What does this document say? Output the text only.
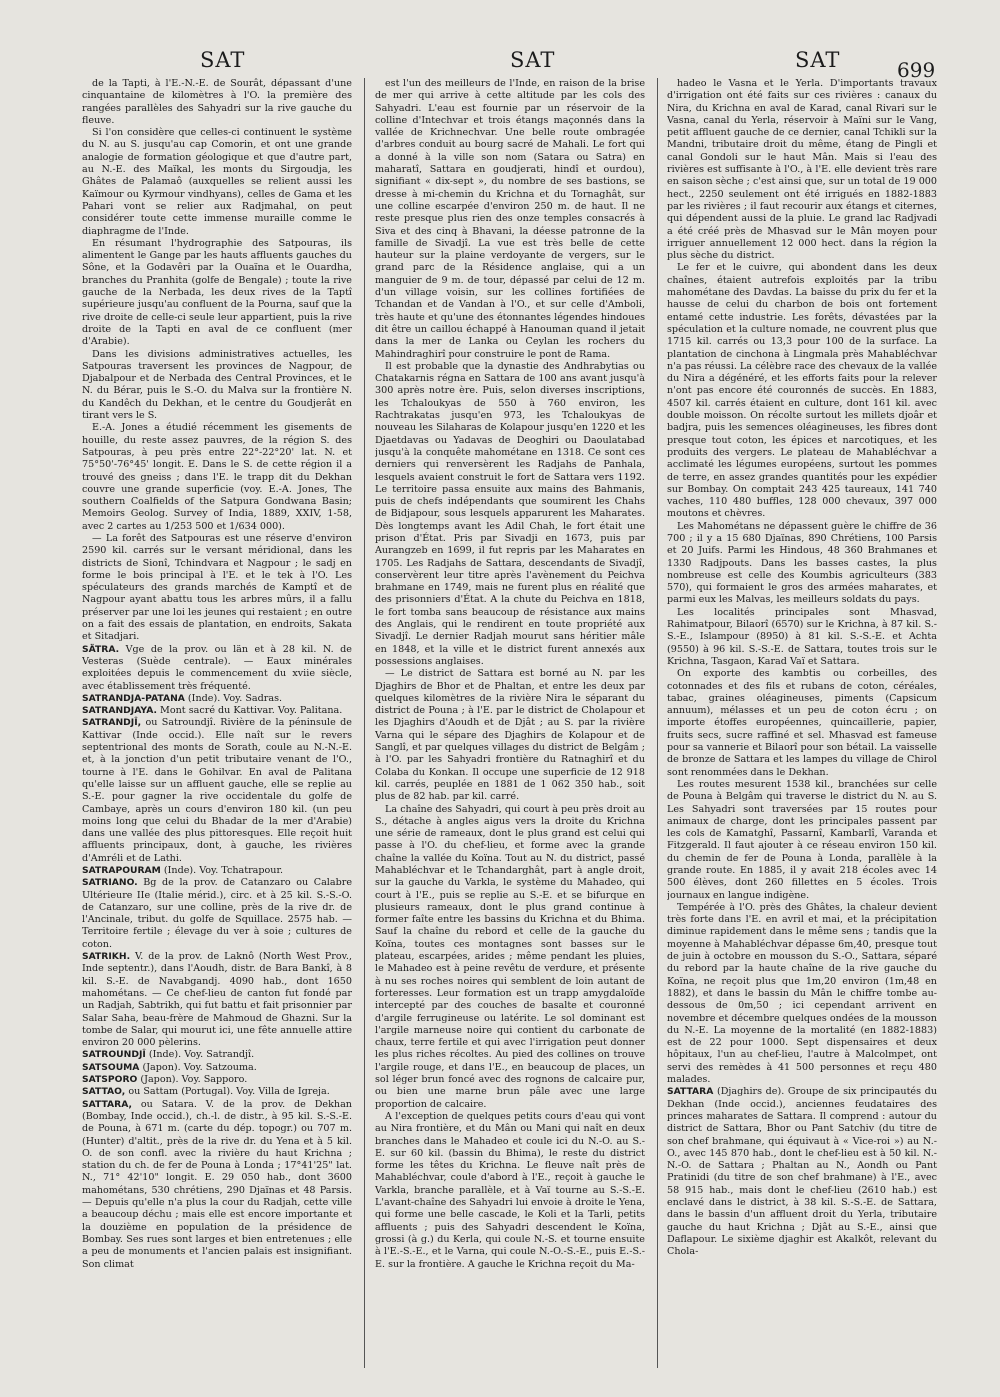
SAT	SAT	SAT	699

de la Tapti, à l'E.-N.-E. de Sourât, dépassant d'une cinquantaine de kilomètres à l'O. la première des rangées parallèles des Sahyadri sur la rive gauche du fleuve.

Si l'on considère que celles-ci continuent le système du N. au S. jusqu'au cap Comorin, et ont une grande analogie de formation géologique et que d'autre part, au N.-E. des Maïkal, les monts du Sirgoudja, les Ghâtes de Palamaô (auxquelles se relient aussi les Kaïmour ou Kyrmour vindhyans), celles de Gama et les Pahari vont se relier aux Radjmahal, on peut considérer toute cette immense muraille comme le diaphragme de l'Inde.

En résumant l'hydrographie des Satpouras, ils alimentent le Gange par les hauts affluents gauches du Sône, et la Godavêri par la Ouaïna et le Ouardha, branches du Pranhita (golfe de Bengale) ; toute la rive gauche de la Nerbada, les deux rives de la Taptî supérieure jusqu'au confluent de la Pourna, sauf que la rive droite de celle-ci seule leur appartient, puis la rive droite de la Tapti en aval de ce confluent (mer d'Arabie).

Dans les divisions administratives actuelles, les Satpouras traversent les provinces de Nagpour, de Djabalpour et de Nerbada des Central Provinces, et le N. du Bérar, puis le S.-O. du Malva sur la frontière N. du Kandêch du Dekhan, et le centre du Goudjerât en tirant vers le S.

E.-A. Jones a étudié récemment les gisements de houille, du reste assez pauvres, de la région S. des Satpouras, à peu près entre 22°-22°20' lat. N. et 75°50'-76°45' longit. E. Dans le S. de cette région il a trouvé des gneiss ; dans l'E. le trapp dit du Dekhan couvre une grande superficie (voy. E.-A. Jones, The southern Coalfields of the Satpura Gondwana Basin; Memoirs Geolog. Survey of India, 1889, XXIV, 1-58, avec 2 cartes au 1/253 500 et 1/634 000).

— La forêt des Satpouras est une réserve d'environ 2590 kil. carrés sur le versant méridional, dans les districts de Sionî, Tchindvara et Nagpour ; le sadj en forme le bois principal à l'E. et le tek à l'O. Les spéculateurs des grands marchés de Kamptî et de Nagpour ayant abattu tous les arbres mûrs, il a fallu préserver par une loi les jeunes qui restaient ; en outre on a fait des essais de plantation, en endroits, Sakata et Sitadjari.

SÄTRA. Vge de la prov. ou län et à 28 kil. N. de Vesteras (Suède centrale). — Eaux minérales exploitées depuis le commencement du xviie siècle, avec établissement très fréquenté.

SATRANDJA-PATANA (Inde). Voy. Sadras.

SATRANDJAYA. Mont sacré du Kattivar. Voy. Palitana.

SATRANDJÎ, ou Satroundjî. Rivière de la péninsule de Kattivar (Inde occid.). Elle naît sur le revers septentrional des monts de Sorath, coule au N.-N.-E. et, à la jonction d'un petit tributaire venant de l'O., tourne à l'E. dans le Gohilvar. En aval de Palitana qu'elle laisse sur un affluent gauche, elle se replie au S.-E. pour gagner la rive occidentale du golfe de Cambaye, après un cours d'environ 180 kil. (un peu moins long que celui du Bhadar de la mer d'Arabie) dans une vallée des plus pittoresques. Elle reçoit huit affluents principaux, dont, à gauche, les rivières d'Amréli et de Lathi.

SATRAPOURAM (Inde). Voy. Tchatrapour.

SATRIANO. Bg de la prov. de Catanzaro ou Calabre Ultérieure IIe (Italie mérid.), circ. et à 25 kil. S.-S.-O. de Catanzaro, sur une colline, près de la rive dr. de l'Ancinale, tribut. du golfe de Squillace. 2575 hab. — Territoire fertile ; élevage du ver à soie ; cultures de coton.

SATRIKH. V. de la prov. de Laknô (North West Prov., Inde septentr.), dans l'Aoudh, distr. de Bara Bankî, à 8 kil. S.-E. de Navabgandj. 4090 hab., dont 1650 mahométans. — Ce chef-lieu de canton fut fondé par un Radjah, Sabtrikh, qui fut battu et fait prisonnier par Salar Saha, beau-frère de Mahmoud de Ghazni. Sur la tombe de Salar, qui mourut ici, une fête annuelle attire environ 20 000 pèlerins.

SATROUNDJÎ (Inde). Voy. Satrandjî.

SATSOUMA (Japon). Voy. Satzouma.

SATSPORO (Japon). Voy. Sapporo.

SATTAO, ou Sattam (Portugal). Voy. Villa de Igreja.

SATTARA, ou Satara. V. de la prov. de Dekhan (Bombay, Inde occid.), ch.-l. de distr., à 95 kil. S.-S.-E. de Pouna, à 671 m. (carte du dép. topogr.) ou 707 m. (Hunter) d'altit., près de la rive dr. du Yena et à 5 kil. O. de son confl. avec la rivière du haut Krichna ; station du ch. de fer de Pouna à Londa ; 17°41'25" lat. N., 71° 42'10" longit. E. 29 050 hab., dont 3600 mahométans, 530 chrétiens, 290 Djaïnas et 48 Parsis. — Depuis qu'elle n'a plus la cour du Radjah, cette ville a beaucoup déchu ; mais elle est encore importante et la douzième en population de la présidence de Bombay. Ses rues sont larges et bien entretenues ; elle a peu de monuments et l'ancien palais est insignifiant. Son climat

est l'un des meilleurs de l'Inde, en raison de la brise de mer qui arrive à cette altitude par les cols des Sahyadri. L'eau est fournie par un réservoir de la colline d'Intechvar et trois étangs maçonnés dans la vallée de Krichnechvar. Une belle route ombragée d'arbres conduit au bourg sacré de Mahali. Le fort qui a donné à la ville son nom (Satara ou Satra) en maharatî, Sattara en goudjerati, hindî et ourdou), signifiant « dix-sept », du nombre de ses bastions, se dresse à mi-chemin du Krichna et du Tornaghât, sur une colline escarpée d'environ 250 m. de haut. Il ne reste presque plus rien des onze temples consacrés à Siva et des cinq à Bhavani, la déesse patronne de la famille de Sivadjî. La vue est très belle de cette hauteur sur la plaine verdoyante de vergers, sur le grand parc de la Résidence anglaise, qui a un manguier de 9 m. de tour, dépassé par celui de 12 m. d'un village voisin, sur les collines fortifiées de Tchandan et de Vandan à l'O., et sur celle d'Amboli, très haute et qu'une des étonnantes légendes hindoues dit être un caillou échappé à Hanouman quand il jetait dans la mer de Lanka ou Ceylan les rochers du Mahindraghirî pour construire le pont de Rama.

Il est probable que la dynastie des Andhrabytias ou Chatakarnis régna en Sattara de 100 ans avant jusqu'à 300 après notre ère. Puis, selon diverses inscriptions, les Tchaloukyas de 550 à 760 environ, les Rachtrakatas jusqu'en 973, les Tchaloukyas de nouveau les Silaharas de Kolapour jusqu'en 1220 et les Djaetdavas ou Yadavas de Deoghiri ou Daoulatabad jusqu'à la conquête mahométane en 1318. Ce sont ces derniers qui renversèrent les Radjahs de Panhala, lesquels avaient construit le fort de Sattara vers 1192. Le territoire passa ensuite aux mains des Bahmanis, puis de chefs indépendants que soumirent les Chahs de Bidjapour, sous lesquels apparurent les Maharates. Dès longtemps avant les Adil Chah, le fort était une prison d'État. Pris par Sivadji en 1673, puis par Aurangzeb en 1699, il fut repris par les Maharates en 1705. Les Radjahs de Sattara, descendants de Sivadjî, conservèrent leur titre après l'avènement du Peichva brahmane en 1749, mais ne furent plus en réalité que des prisonniers d'État. A la chute du Peichva en 1818, le fort tomba sans beaucoup de résistance aux mains des Anglais, qui le rendirent en toute propriété aux Sivadjî. Le dernier Radjah mourut sans héritier mâle en 1848, et la ville et le district furent annexés aux possessions anglaises.

— Le district de Sattara est borné au N. par les Djaghirs de Bhor et de Phaltan, et entre les deux par quelques kilomètres de la rivière Nira le séparant du district de Pouna ; à l'E. par le district de Cholapour et les Djaghirs d'Aoudh et de Djât ; au S. par la rivière Varna qui le sépare des Djaghirs de Kolapour et de Sanglî, et par quelques villages du district de Belgâm ; à l'O. par les Sahyadri frontière du Ratnaghirî et du Colaba du Konkan. Il occupe une superficie de 12 918 kil. carrés, peuplée en 1881 de 1 062 350 hab., soit plus de 82 hab. par kil. carré.

La chaîne des Sahyadri, qui court à peu près droit au S., détache à angles aigus vers la droite du Krichna une série de rameaux, dont le plus grand est celui qui passe à l'O. du chef-lieu, et forme avec la grande chaîne la vallée du Koïna. Tout au N. du district, passé Mahabléchvar et le Tchandarghât, part à angle droit, sur la gauche du Varkla, le système du Mahadeo, qui court à l'E., puis se replie au S.-E. et se bifurque en plusieurs rameaux, dont le plus grand continue à former faîte entre les bassins du Krichna et du Bhima. Sauf la chaîne du rebord et celle de la gauche du Koïna, toutes ces montagnes sont basses sur le plateau, escarpées, arides ; même pendant les pluies, le Mahadeo est à peine revêtu de verdure, et présente à nu ses roches noires qui semblent de loin autant de forteresses. Leur formation est un trapp amygdaloïde intercepté par des couches de basalte et couronné d'argile ferrugineuse ou latérite. Le sol dominant est l'argile marneuse noire qui contient du carbonate de chaux, terre fertile et qui avec l'irrigation peut donner les plus riches récoltes. Au pied des collines on trouve l'argile rouge, et dans l'E., en beaucoup de places, un sol léger brun foncé avec des rognons de calcaire pur, ou bien une marne brun pâle avec une large proportion de calcaire.

A l'exception de quelques petits cours d'eau qui vont au Nira frontière, et du Mân ou Mani qui naît en deux branches dans le Mahadeo et coule ici du N.-O. au S.-E. sur 60 kil. (bassin du Bhima), le reste du district forme les têtes du Krichna. Le fleuve naît près de Mahabléchvar, coule d'abord à l'E., reçoit à gauche le Varkla, branche parallèle, et à Vaï tourne au S.-S.-E. L'avant-chaîne des Sahyadri lui envoie à droite le Yena, qui forme une belle cascade, le Koli et la Tarli, petits affluents ; puis des Sahyadri descendent le Koïna, grossi (à g.) du Kerla, qui coule N.-S. et tourne ensuite à l'E.-S.-E., et le Varna, qui coule N.-O.-S.-E., puis E.-S.-E. sur la frontière. A gauche le Krichna reçoit du Ma-

hadeo le Vasna et le Yerla. D'importants travaux d'irrigation ont été faits sur ces rivières : canaux du Nira, du Krichna en aval de Karad, canal Rivari sur le Vasna, canal du Yerla, réservoir à Maïni sur le Vang, petit affluent gauche de ce dernier, canal Tchikli sur la Mandni, tributaire droit du même, étang de Pingli et canal Gondoli sur le haut Mân. Mais si l'eau des rivières est suffisante à l'O., à l'E. elle devient très rare en saison sèche ; c'est ainsi que, sur un total de 19 000 hect., 2250 seulement ont été irrigués en 1882-1883 par les rivières ; il faut recourir aux étangs et citernes, qui dépendent aussi de la pluie. Le grand lac Radjvadi a été créé près de Mhasvad sur le Mân moyen pour irriguer annuellement 12 000 hect. dans la région la plus sèche du district.

Le fer et le cuivre, qui abondent dans les deux chaînes, étaient autrefois exploités par la tribu mahométane des Davdas. La baisse du prix du fer et la hausse de celui du charbon de bois ont fortement entamé cette industrie. Les forêts, dévastées par la spéculation et la culture nomade, ne couvrent plus que 1715 kil. carrés ou 13,3 pour 100 de la surface. La plantation de cinchona à Lingmala près Mahabléchvar n'a pas réussi. La célèbre race des chevaux de la vallée du Nira a dégénéré, et les efforts faits pour la relever n'ont pas encore été couronnés de succès. En 1883, 4507 kil. carrés étaient en culture, dont 161 kil. avec double moisson. On récolte surtout les millets djoâr et badjra, puis les semences oléagineuses, les fibres dont presque tout coton, les épices et narcotiques, et les produits des vergers. Le plateau de Mahabléchvar a acclimaté les légumes européens, surtout les pommes de terre, en assez grandes quantités pour les expédier sur Bombay. On comptait 243 425 taureaux, 141 740 vaches, 110 480 buffles, 128 000 chevaux, 397 000 moutons et chèvres.

Les Mahométans ne dépassent guère le chiffre de 36 700 ; il y a 15 680 Djaïnas, 890 Chrétiens, 100 Parsis et 20 Juifs. Parmi les Hindous, 48 360 Brahmanes et 1330 Radjpouts. Dans les basses castes, la plus nombreuse est celle des Koumbis agriculteurs (383 570), qui formaient le gros des armées maharates, et parmi eux les Malvas, les meilleurs soldats du pays.

Les localités principales sont Mhasvad, Rahimatpour, Bilaorî (6570) sur le Krichna, à 87 kil. S.-S.-E., Islampour (8950) à 81 kil. S.-S.-E. et Achta (9550) à 96 kil. S.-S.-E. de Sattara, toutes trois sur le Krichna, Tasgaon, Karad Vaï et Sattara.

On exporte des kambtis ou corbeilles, des cotonnades et des fils et rubans de coton, céréales, tabac, graines oléagineuses, piments (Capsicum annuum), mélasses et un peu de coton écru ; on importe étoffes européennes, quincaillerie, papier, fruits secs, sucre raffiné et sel. Mhasvad est fameuse pour sa vannerie et Bilaorî pour son bétail. La vaisselle de bronze de Sattara et les lampes du village de Chirol sont renommées dans le Dekhan.

Les routes mesurent 1538 kil., branchées sur celle de Pouna à Belgâm qui traverse le district du N. au S. Les Sahyadri sont traversées par 15 routes pour animaux de charge, dont les principales passent par les cols de Kamatghî, Passarnî, Kambarlî, Varanda et Fitzgerald. Il faut ajouter à ce réseau environ 150 kil. du chemin de fer de Pouna à Londa, parallèle à la grande route. En 1885, il y avait 218 écoles avec 14 500 élèves, dont 260 fillettes en 5 écoles. Trois journaux en langue indigène.

Tempérée à l'O. près des Ghâtes, la chaleur devient très forte dans l'E. en avril et mai, et la précipitation diminue rapidement dans le même sens ; tandis que la moyenne à Mahabléchvar dépasse 6m,40, presque tout de juin à octobre en mousson du S.-O., Sattara, séparé du rebord par la haute chaîne de la rive gauche du Koïna, ne reçoit plus que 1m,20 environ (1m,48 en 1882), et dans le bassin du Mân le chiffre tombe au-dessous de 0m,50 ; ici cependant arrivent en novembre et décembre quelques ondées de la mousson du N.-E. La moyenne de la mortalité (en 1882-1883) est de 22 pour 1000. Sept dispensaires et deux hôpitaux, l'un au chef-lieu, l'autre à Malcolmpet, ont servi des remèdes à 41 500 personnes et reçu 480 malades.

SATTARA (Djaghirs de). Groupe de six principautés du Dekhan (Inde occid.), anciennes feudataires des princes maharates de Sattara. Il comprend : autour du district de Sattara, Bhor ou Pant Satchiv (du titre de son chef brahmane, qui équivaut à « Vice-roi ») au N.-O., avec 145 870 hab., dont le chef-lieu est à 50 kil. N.-N.-O. de Sattara ; Phaltan au N., Aondh ou Pant Pratinidi (du titre de son chef brahmane) à l'E., avec 58 915 hab., mais dont le chef-lieu (2610 hab.) est enclavé dans le district, à 38 kil. S.-S.-E. de Sattara, dans le bassin d'un affluent droit du Yerla, tributaire gauche du haut Krichna ; Djât au S.-E., ainsi que Daflapour. Le sixième djaghir est Akalkôt, relevant du Chola-
